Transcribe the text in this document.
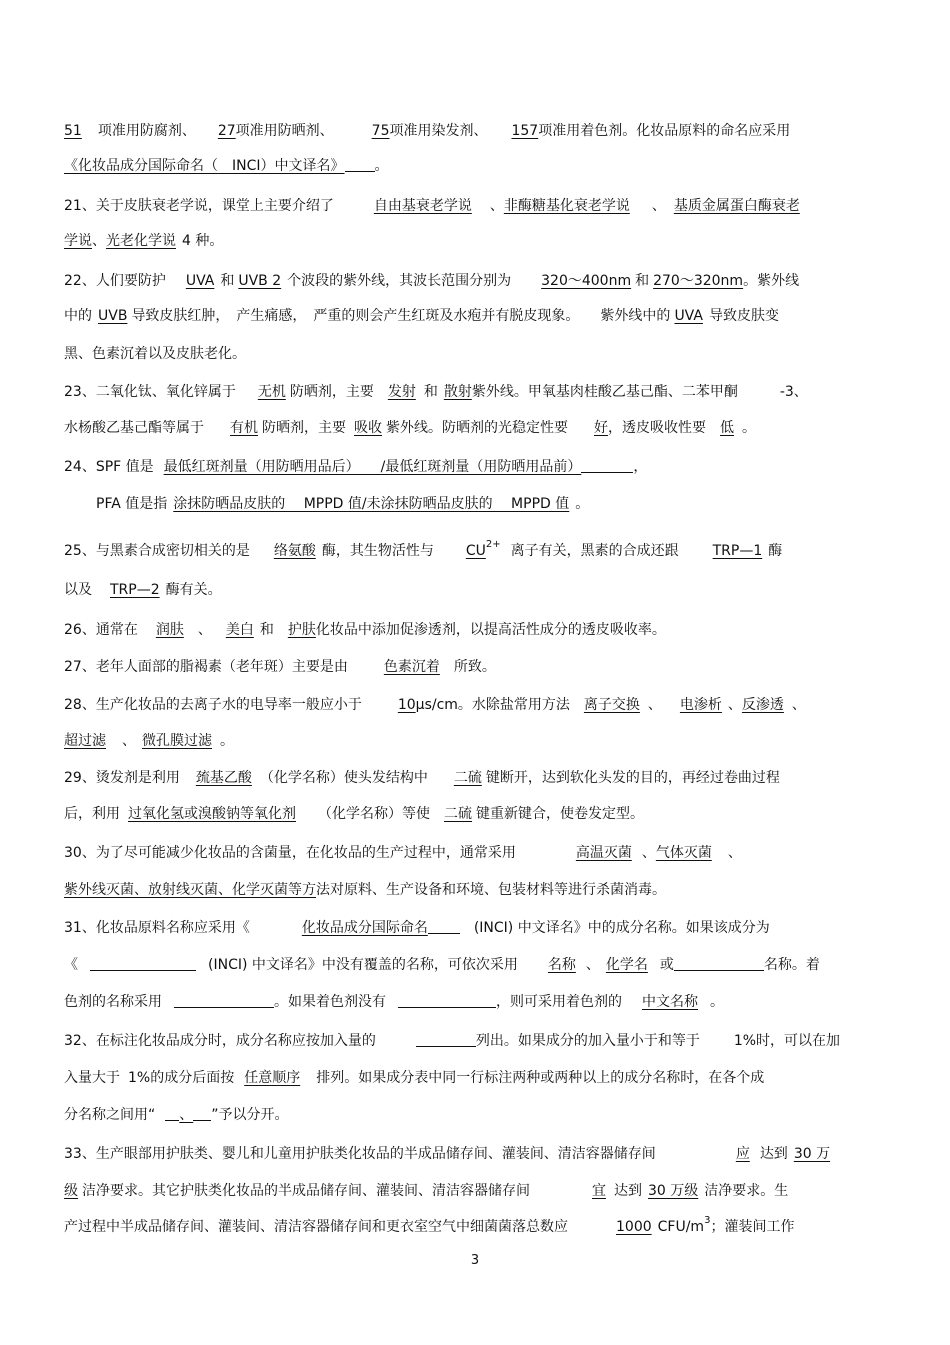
51 项准用防腐剂、 27项准用防晒剂、	75项准用染发剂、 157项准用着色剂。化妆品原料的命名应采用
《化妆品成分国际命名（　INCI）中文译名》 。
21、关于皮肤衰老学说，课堂上主要介绍了	自由基衰老学说 、非酶糖基化衰老学说 、 基质金属蛋白酶衰老
学说、光老化学说 4 种。
22、人们要防护 UVA 和 UVB 2 个波段的紫外线，其波长范围分别为 320～400nm 和 270～320nm。紫外线
中的 UVB 导致皮肤红肿，　产生痛感，　严重的则会产生红斑及水疱并有脱皮现象。　　紫外线中的 UVA 导致皮肤变
黑、色素沉着以及皮肤老化。
23、二氧化钛、氧化锌属于 无机 防晒剂，主要 发射 和 散射紫外线。甲氧基肉桂酸乙基己酯、二苯甲酮	-3、
水杨酸乙基己酯等属于 有机 防晒剂，主要 吸收 紫外线。防晒剂的光稳定性要 好，透皮吸收性要 低 。
24、SPF 值是 最低红斑剂量（用防晒用品后）　　/最低红斑剂量（用防晒用品前）	，
PFA 值是指 涂抹防晒品皮肤的　 MPPD 值/未涂抹防晒品皮肤的　 MPPD 值 。
25、与黑素合成密切相关的是 络氨酸 酶，其生物活性与 $CU^{2+}$ 离子有关，黑素的合成还跟 TRP—1 酶
以及 TRP—2 酶有关。
26、通常在 润肤 、 美白 和 护肤化妆品中添加促渗透剂，以提高活性成分的透皮吸收率。
27、老年人面部的脂褐素（老年斑）主要是由	色素沉着 所致。
28、生产化妆品的去离子水的电导率一般应小于	10μs/cm。水除盐常用方法 离子交换 、 电渗析 、反渗透 、
超过滤 、 微孔膜过滤 。
29、烫发剂是利用 巯基乙酸 （化学名称）使头发结构中 二硫 键断开，达到软化头发的目的，再经过卷曲过程
后，利用 过氧化氢或溴酸钠等氧化剂 （化学名称）等使 二硫 键重新键合，使卷发定型。
30、为了尽可能减少化妆品的含菌量，在化妆品的生产过程中，通常采用	高温灭菌 、气体灭菌 、
紫外线灭菌、放射线灭菌、化学灭菌等方法对原料、生产设备和环境、包装材料等进行杀菌消毒。
31、化妆品原料名称应采用《	化妆品成分国际命名	(INCI) 中文译名》中的成分名称。如果该成分为
《	(INCI) 中文译名》中没有覆盖的名称，可依次采用 名称 、 化学名 或	名称。着
色剂的名称采用	。如果着色剂没有	，则可采用着色剂的 中文名称 。
32、在标注化妆品成分时，成分名称应按加入量的	列出。如果成分的加入量小于和等于 1%时，可以在加
入量大于 1%的成分后面按 任意顺序 排列。如果成分表中同一行标注两种或两种以上的成分名称时，在各个成
分名称之间用“ 、 ”予以分开。
33、生产眼部用护肤类、婴儿和儿童用护肤类化妆品的半成品储存间、灌装间、清洁容器储存间	应 达到 30 万
级 洁净要求。其它护肤类化妆品的半成品储存间、灌装间、清洁容器储存间	宜 达到 30 万级 洁净要求。生
产过程中半成品储存间、灌装间、清洁容器储存间和更衣室空气中细菌菌落总数应	1000 CFU/$m^3$；灌装间工作
3
